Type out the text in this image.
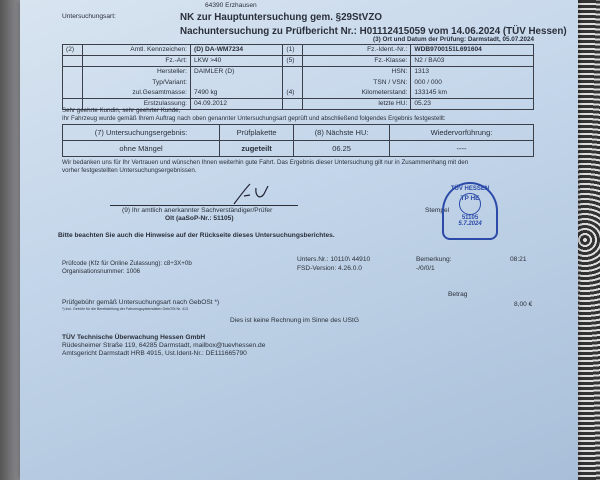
64390 Erzhausen
Untersuchungsart:	NK zur Hauptuntersuchung gem. §29StVZO
Nachuntersuchung zu Prüfbericht Nr.: H01112415059 vom 14.06.2024 (TÜV Hessen)
(3) Ort und Datum der Prüfung: Darmstadt, 05.07.2024
(2)	Amtl. Kennzeichen:	(D) DA-WM7234	(1)	Fz.-Ident.-Nr.:	WDB9700151L691604
	Fz.-Art:	LKW >40	(5)	Fz.-Klasse:	N2 / BA03
	Hersteller:	DAIMLER (D)		HSN:	1313
	Typ/Variant:			TSN / VSN:	000 / 000
	zul.Gesamtmasse:	7490 kg	(4)	Kilometerstand:	133145 km
	Erstzulassung:	04.09.2012		letzte HU:	05.23
Sehr geehrte Kundin, sehr geehrter Kunde,
Ihr Fahrzeug wurde gemäß Ihrem Auftrag nach oben genannter Untersuchungsart geprüft und abschließend folgendes Ergebnis festgestellt:
(7) Untersuchungsergebnis:	Prüfplakette	(8) Nächste HU:	Wiedervorführung:
ohne Mängel	zugeteilt	06.25	----
Wir bedanken uns für Ihr Vertrauen und wünschen Ihnen weiterhin gute Fahrt. Das Ergebnis dieser Untersuchung gilt nur in Zusammenhang mit den
vorher festgestellten Untersuchungsergebnissen.
(9) Ihr amtlich anerkannter Sachverständiger/Prüfer
Olt (aaSoP-Nr.: 51105)
Stempel
TÜV HESSEN
TP HE
51105
5.7.2024
Bitte beachten Sie auch die Hinweise auf der Rückseite dieses Untersuchungsberichtes.
Prüfcode (Kfz für Online Zulassung): c8÷3X+0b
Organisationsnummer: 1006
Unters.Nr.: 10110\ 44910
FSD-Version: 4.26.0.0
Bemerkung:
-/0/0/1
08:21
Betrag
Prüfgebühr gemäß Untersuchungsart nach GebOSt *)
*) incl. Gebühr für die Bereitstellung der Fahrzeugsystemdaten GebOSt Nr. 413
8,00 €
Dies ist keine Rechnung im Sinne des UStG
TÜV Technische Überwachung Hessen GmbH
Rüdesheimer Straße 119, 64285 Darmstadt, mailbox@tuevhessen.de
Amtsgericht Darmstadt HRB 4915, Ust.Ident-Nr.: DE111665790
